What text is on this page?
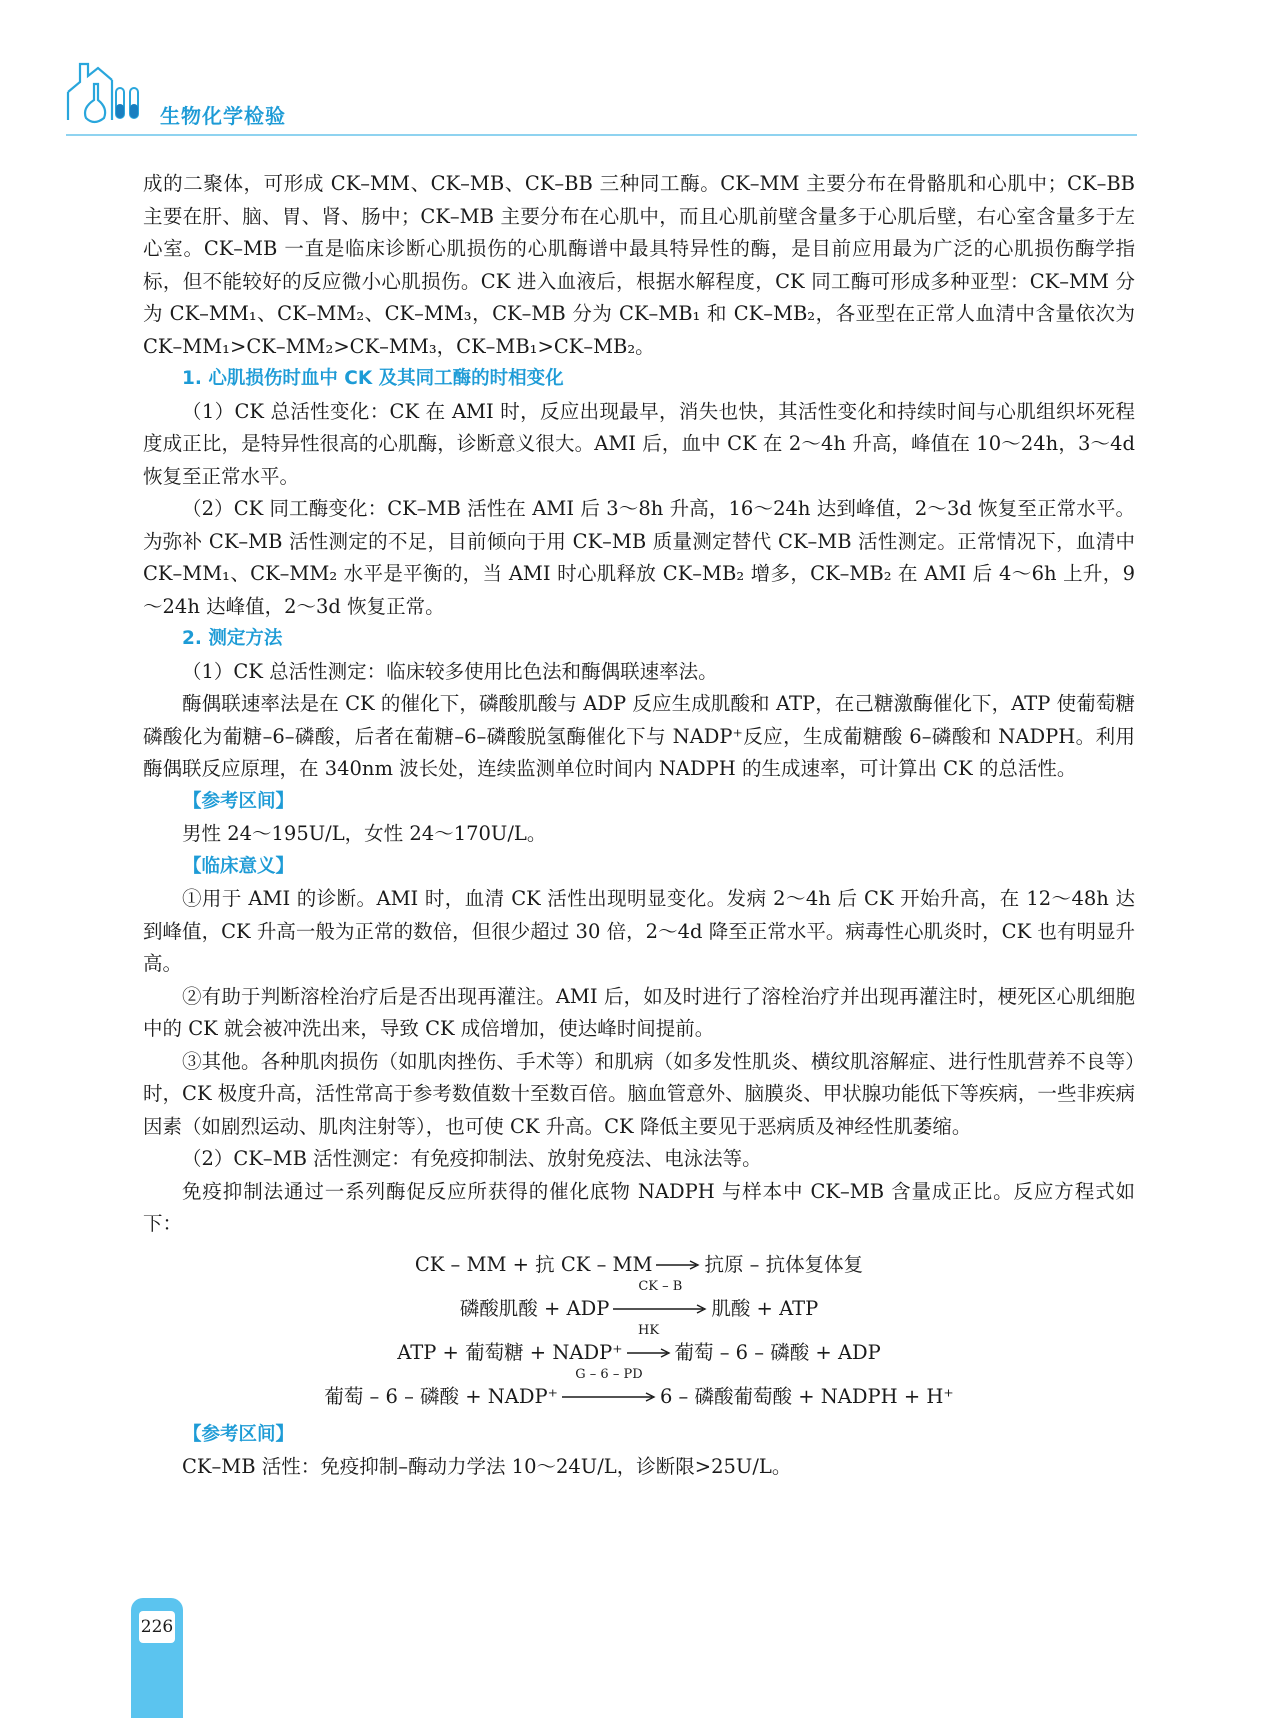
生物化学检验

成的二聚体，可形成 CK–MM、CK–MB、CK–BB 三种同工酶。CK–MM 主要分布在骨骼肌和心肌中；CK–BB 主要在肝、脑、胃、肾、肠中；CK–MB 主要分布在心肌中，而且心肌前壁含量多于心肌后壁，右心室含量多于左心室。CK–MB 一直是临床诊断心肌损伤的心肌酶谱中最具特异性的酶，是目前应用最为广泛的心肌损伤酶学指标，但不能较好的反应微小心肌损伤。CK 进入血液后，根据水解程度，CK 同工酶可形成多种亚型：CK–MM 分为 CK–MM₁、CK–MM₂、CK–MM₃，CK–MB 分为 CK–MB₁ 和 CK–MB₂，各亚型在正常人血清中含量依次为 CK–MM₁>CK–MM₂>CK–MM₃，CK–MB₁>CK–MB₂。

1. 心肌损伤时血中 CK 及其同工酶的时相变化

（1）CK 总活性变化：CK 在 AMI 时，反应出现最早，消失也快，其活性变化和持续时间与心肌组织坏死程度成正比，是特异性很高的心肌酶，诊断意义很大。AMI 后，血中 CK 在 2～4h 升高，峰值在 10～24h，3～4d 恢复至正常水平。

（2）CK 同工酶变化：CK–MB 活性在 AMI 后 3～8h 升高，16～24h 达到峰值，2～3d 恢复至正常水平。为弥补 CK–MB 活性测定的不足，目前倾向于用 CK–MB 质量测定替代 CK–MB 活性测定。正常情况下，血清中 CK–MM₁、CK–MM₂ 水平是平衡的，当 AMI 时心肌释放 CK–MB₂ 增多，CK–MB₂ 在 AMI 后 4～6h 上升，9～24h 达峰值，2～3d 恢复正常。

2. 测定方法

（1）CK 总活性测定：临床较多使用比色法和酶偶联速率法。

酶偶联速率法是在 CK 的催化下，磷酸肌酸与 ADP 反应生成肌酸和 ATP，在己糖激酶催化下，ATP 使葡萄糖磷酸化为葡糖–6–磷酸，后者在葡糖–6–磷酸脱氢酶催化下与 NADP⁺反应，生成葡糖酸 6–磷酸和 NADPH。利用酶偶联反应原理，在 340nm 波长处，连续监测单位时间内 NADPH 的生成速率，可计算出 CK 的总活性。

【参考区间】

男性 24～195U/L，女性 24～170U/L。

【临床意义】

①用于 AMI 的诊断。AMI 时，血清 CK 活性出现明显变化。发病 2～4h 后 CK 开始升高，在 12～48h 达到峰值，CK 升高一般为正常的数倍，但很少超过 30 倍，2～4d 降至正常水平。病毒性心肌炎时，CK 也有明显升高。

②有助于判断溶栓治疗后是否出现再灌注。AMI 后，如及时进行了溶栓治疗并出现再灌注时，梗死区心肌细胞中的 CK 就会被冲洗出来，导致 CK 成倍增加，使达峰时间提前。

③其他。各种肌肉损伤（如肌肉挫伤、手术等）和肌病（如多发性肌炎、横纹肌溶解症、进行性肌营养不良等）时，CK 极度升高，活性常高于参考数值数十至数百倍。脑血管意外、脑膜炎、甲状腺功能低下等疾病，一些非疾病因素（如剧烈运动、肌肉注射等），也可使 CK 升高。CK 降低主要见于恶病质及神经性肌萎缩。

（2）CK–MB 活性测定：有免疫抑制法、放射免疫法、电泳法等。

免疫抑制法通过一系列酶促反应所获得的催化底物 NADPH 与样本中 CK–MB 含量成正比。反应方程式如下：

CK – MM + 抗 CK – MM → 抗原 – 抗体复体复
磷酸肌酸 + ADP
CK – B
肌酸 + ATP
ATP + 葡萄糖 + NADP⁺
HK
葡萄 – 6 – 磷酸 + ADP
葡萄 – 6 – 磷酸 + NADP⁺
G – 6 – PD
6 – 磷酸葡萄酸 + NADPH + H⁺
【参考区间】

CK–MB 活性：免疫抑制–酶动力学法 10～24U/L，诊断限>25U/L。

226
